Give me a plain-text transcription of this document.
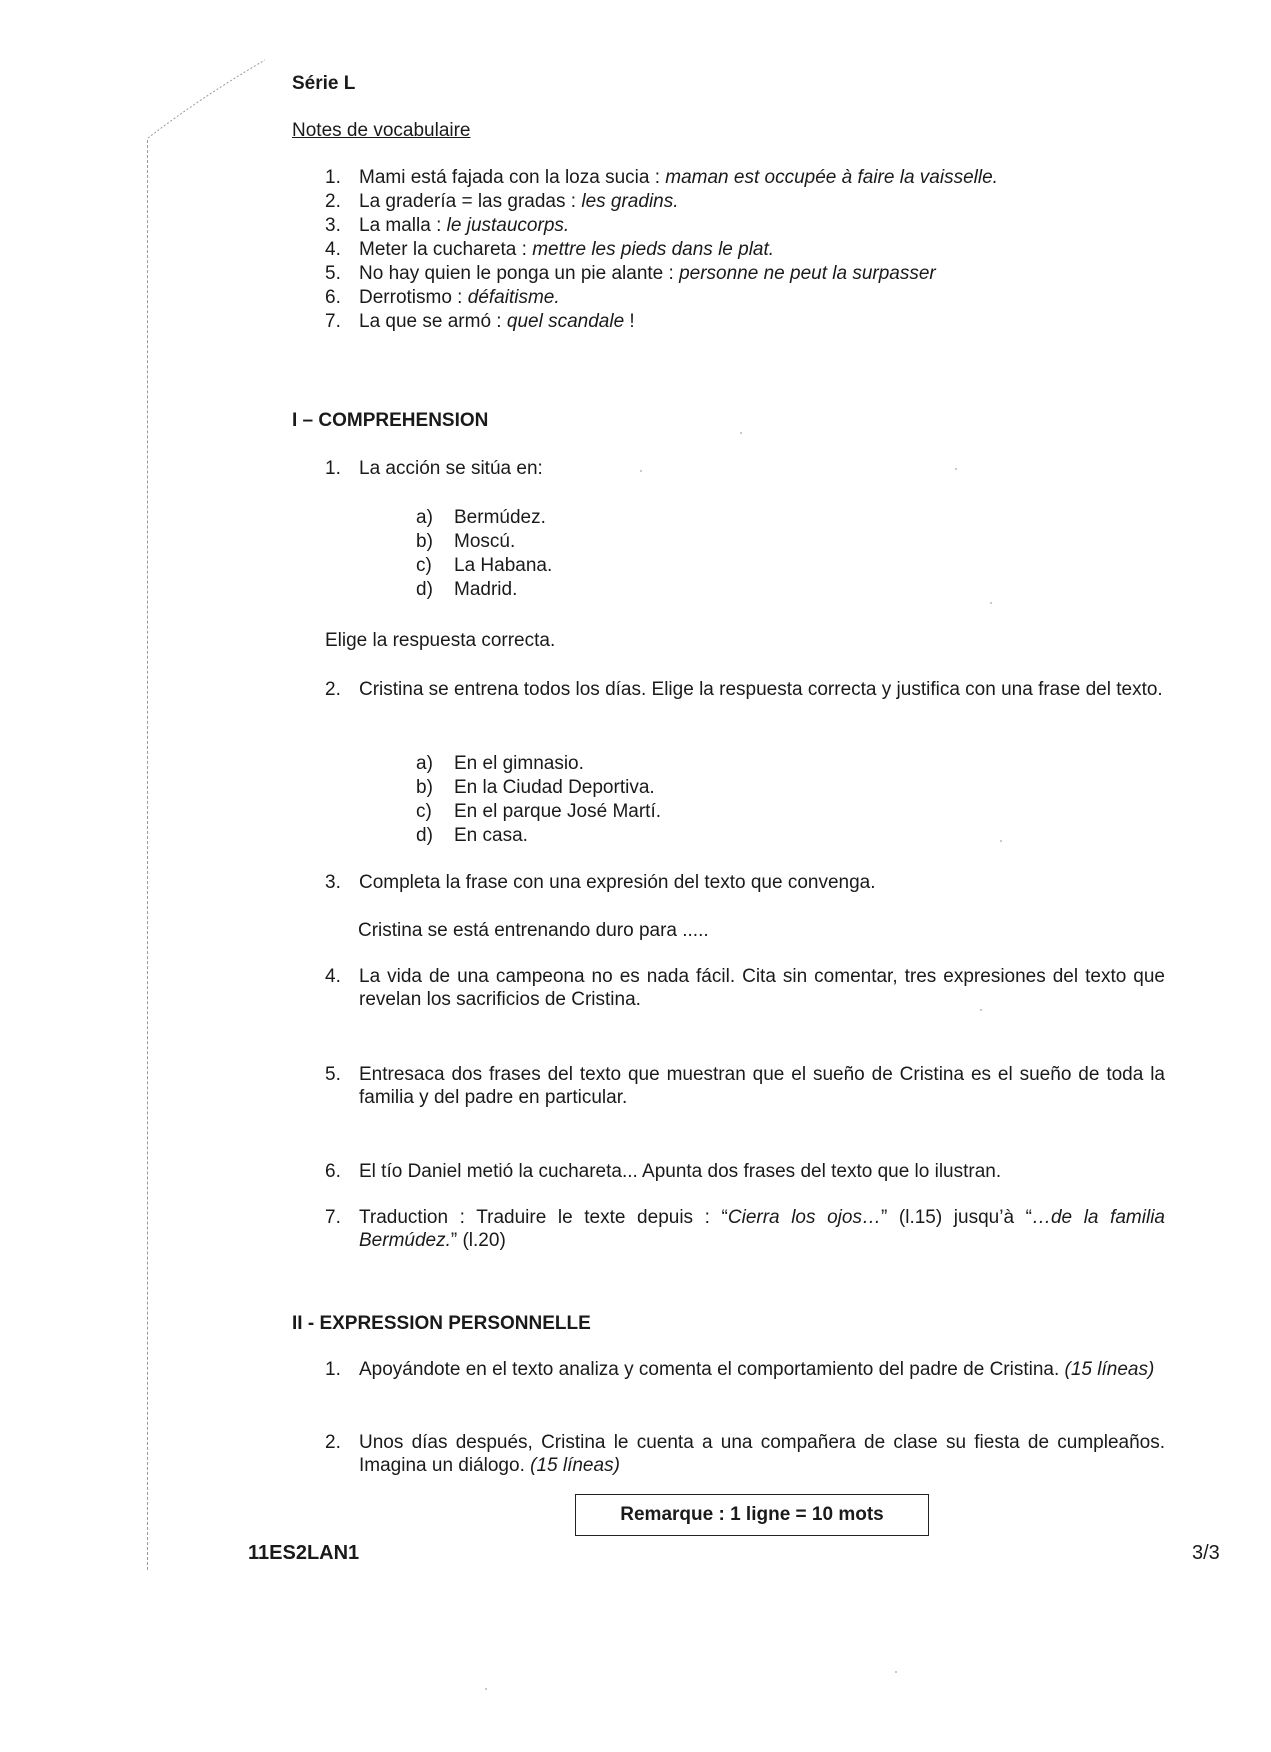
Série L
Notes de vocabulaire
1. Mami está fajada con la loza sucia : maman est occupée à faire la vaisselle.
2. La gradería = las gradas : les gradins.
3. La malla : le justaucorps.
4. Meter la cuchareta : mettre les pieds dans le plat.
5. No hay quien le ponga un pie alante : personne ne peut la surpasser
6. Derrotismo : défaitisme.
7. La que se armó : quel scandale !
I – COMPREHENSION
1. La acción se sitúa en:
a) Bermúdez.
b) Moscú.
c) La Habana.
d) Madrid.
Elige la respuesta correcta.
2. Cristina se entrena todos los días. Elige la respuesta correcta y justifica con una frase del texto.
a) En el gimnasio.
b) En la Ciudad Deportiva.
c) En el parque José Martí.
d) En casa.
3. Completa la frase con una expresión del texto que convenga.
Cristina se está entrenando duro para .....
4. La vida de una campeona no es nada fácil. Cita sin comentar, tres expresiones del texto que revelan los sacrificios de Cristina.
5. Entresaca dos frases del texto que muestran que el sueño de Cristina es el sueño de toda la familia y del padre en particular.
6. El tío Daniel metió la cuchareta... Apunta dos frases del texto que lo ilustran.
7. Traduction : Traduire le texte depuis : “Cierra los ojos…” (l.15) jusqu’à “…de la familia Bermúdez.” (l.20)
II - EXPRESSION PERSONNELLE
1. Apoyándote en el texto analiza y comenta el comportamiento del padre de Cristina. (15 líneas)
2. Unos días después, Cristina le cuenta a una compañera de clase su fiesta de cumpleaños. Imagina un diálogo. (15 líneas)
Remarque : 1 ligne = 10 mots
11ES2LAN1	3/3
